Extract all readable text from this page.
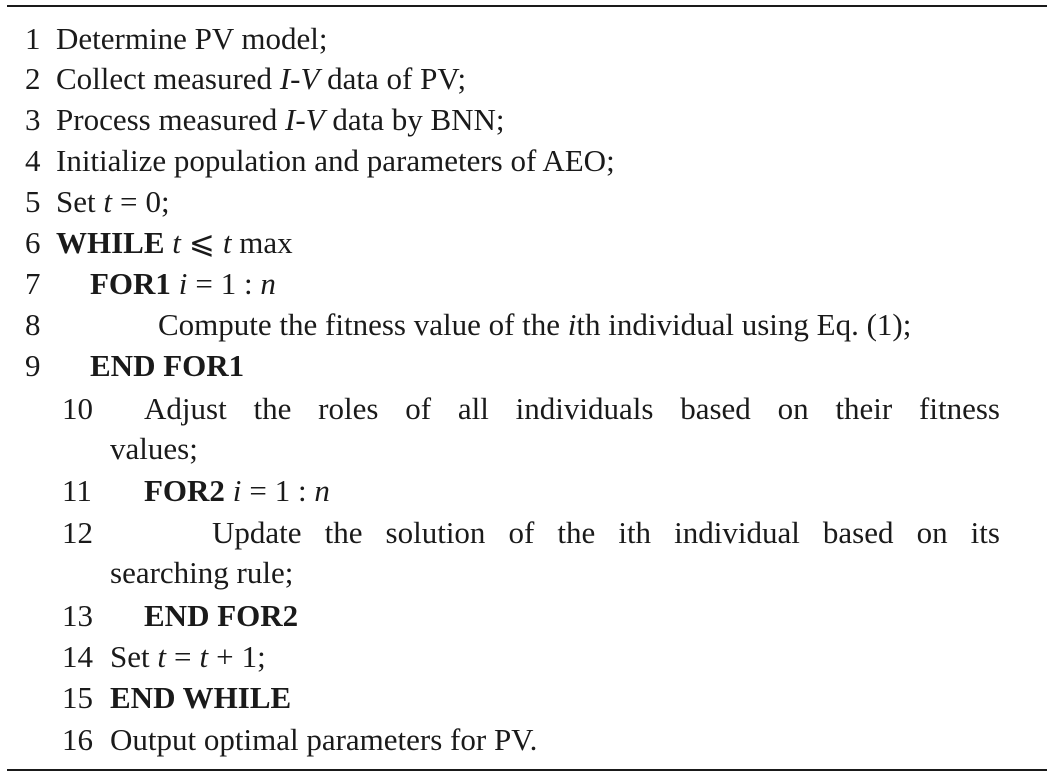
1 Determine PV model;
2 Collect measured I-V data of PV;
3 Process measured I-V data by BNN;
4 Initialize population and parameters of AEO;
5 Set t = 0;
6 WHILE t ⩽ t max
7 FOR1 i = 1 : n
8	Compute the fitness value of the ith individual using Eq. (1);
9 END FOR1
10 Adjust the roles of all individuals based on their fitness
values;
11 FOR2 i = 1 : n
12	Update the solution of the ith individual based on its
searching rule;
13 END FOR2
14 Set t = t + 1;
15 END WHILE
16 Output optimal parameters for PV.
